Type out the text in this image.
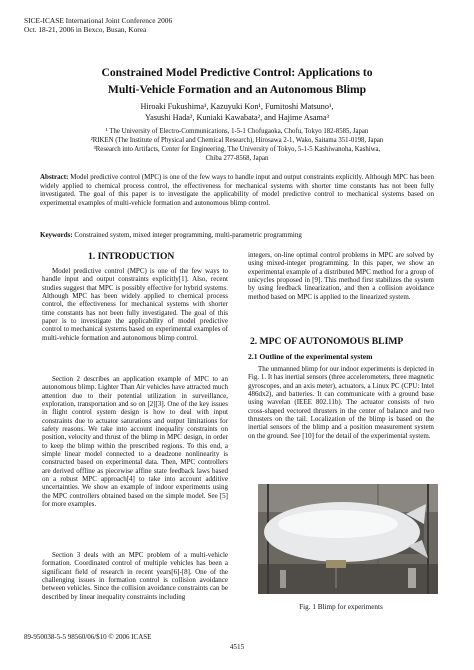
SICE-ICASE International Joint Conference 2006
Oct. 18-21, 2006 in Bexco, Busan, Korea
Constrained Model Predictive Control: Applications to
Multi-Vehicle Formation and an Autonomous Blimp
Hiroaki Fukushima¹, Kazuyuki Kon¹, Fumitoshi Matsuno¹,
Yasushi Hada², Kuniaki Kawabata², and Hajime Asama³
¹ The University of Electro-Communications, 1-5-1 Chofugaoka, Chofu, Tokyo 182-8585, Japan
²RIKEN (The Institute of Physical and Chemical Research), Hirosawa 2-1, Wako, Saitama 351-0198, Japan
³Research into Artifacts, Center for Engineering, The University of Tokyo, 5-1-5 Kashiwanoha, Kashiwa,
Chiba 277-8568, Japan
Abstract: Model predictive control (MPC) is one of the few ways to handle input and output constraints explicitly. Although MPC has been widely applied to chemical process control, the effectiveness for mechanical systems with shorter time constants has not been fully investigated. The goal of this paper is to investigate the applicability of model predictive control to mechanical systems based on experimental examples of multi-vehicle formation and autonomous blimp control.
Keywords: Constrained system, mixed integer programming, multi-parametric programming
1. INTRODUCTION
Model predictive control (MPC) is one of the few ways to handle input and output constraints explicitly[1]. Also, recent studies suggest that MPC is possibly effective for hybrid systems. Although MPC has been widely applied to chemical process control, the effectiveness for mechanical systems with shorter time constants has not been fully investigated. The goal of this paper is to investigate the applicability of model predictive control to mechanical systems based on experimental examples of multi-vehicle formation and autonomous blimp control.
Section 2 describes an application example of MPC to an autonomous blimp. Lighter Than Air vehicles have attracted much attention due to their potential utilization in surveillance, exploration, transportation and so on [2][3]. One of the key issues in flight control system design is how to deal with input constraints due to actuator saturations and output limitations for safety reasons. We take into account inequality constraints on position, velocity and thrust of the blimp in MPC design, in order to keep the blimp within the prescribed regions. To this end, a simple linear model connected to a deadzone nonlinearity is constructed based on experimental data. Then, MPC controllers are derived offline as piecewise affine state feedback laws based on a robust MPC approach[4] to take into account additive uncertainties. We show an example of indoor experiments using the MPC controllers obtained based on the simple model. See [5] for more examples.
Section 3 deals with an MPC problem of a multi-vehicle formation. Coordinated control of multiple vehicles has been a significant field of research in recent years[6]-[8]. One of the challenging issues in formation control is collision avoidance between vehicles. Since the collision avoidance constraints can be described by linear inequality constraints including
integers, on-line optimal control problems in MPC are solved by using mixed-integer programming. In this paper, we show an experimental example of a distributed MPC method for a group of unicycles proposed in [9]. This method first stabilizes the system by using feedback linearization, and then a collision avoidance method based on MPC is applied to the linearized system.
2. MPC OF AUTONOMOUS BLIMP
2.1 Outline of the experimental system
The unmanned blimp for our indoor experiments is depicted in Fig. 1. It has inertial sensors (three accelerometers, three magnetic gyroscopes, and an axis meter), actuators, a Linux PC (CPU: Intel 486dx2), and batteries. It can communicate with a ground base using wavelan (IEEE 802.11b). The actuator consists of two cross-shaped vectored thrusters in the center of balance and two thrusters on the tail. Localization of the blimp is based on the inertial sensors of the blimp and a position measurement system on the ground. See [10] for the detail of the experimental system.
Fig. 1 Blimp for experiments
89-950038-5-5 98560/06/$10 © 2006 ICASE
4515
